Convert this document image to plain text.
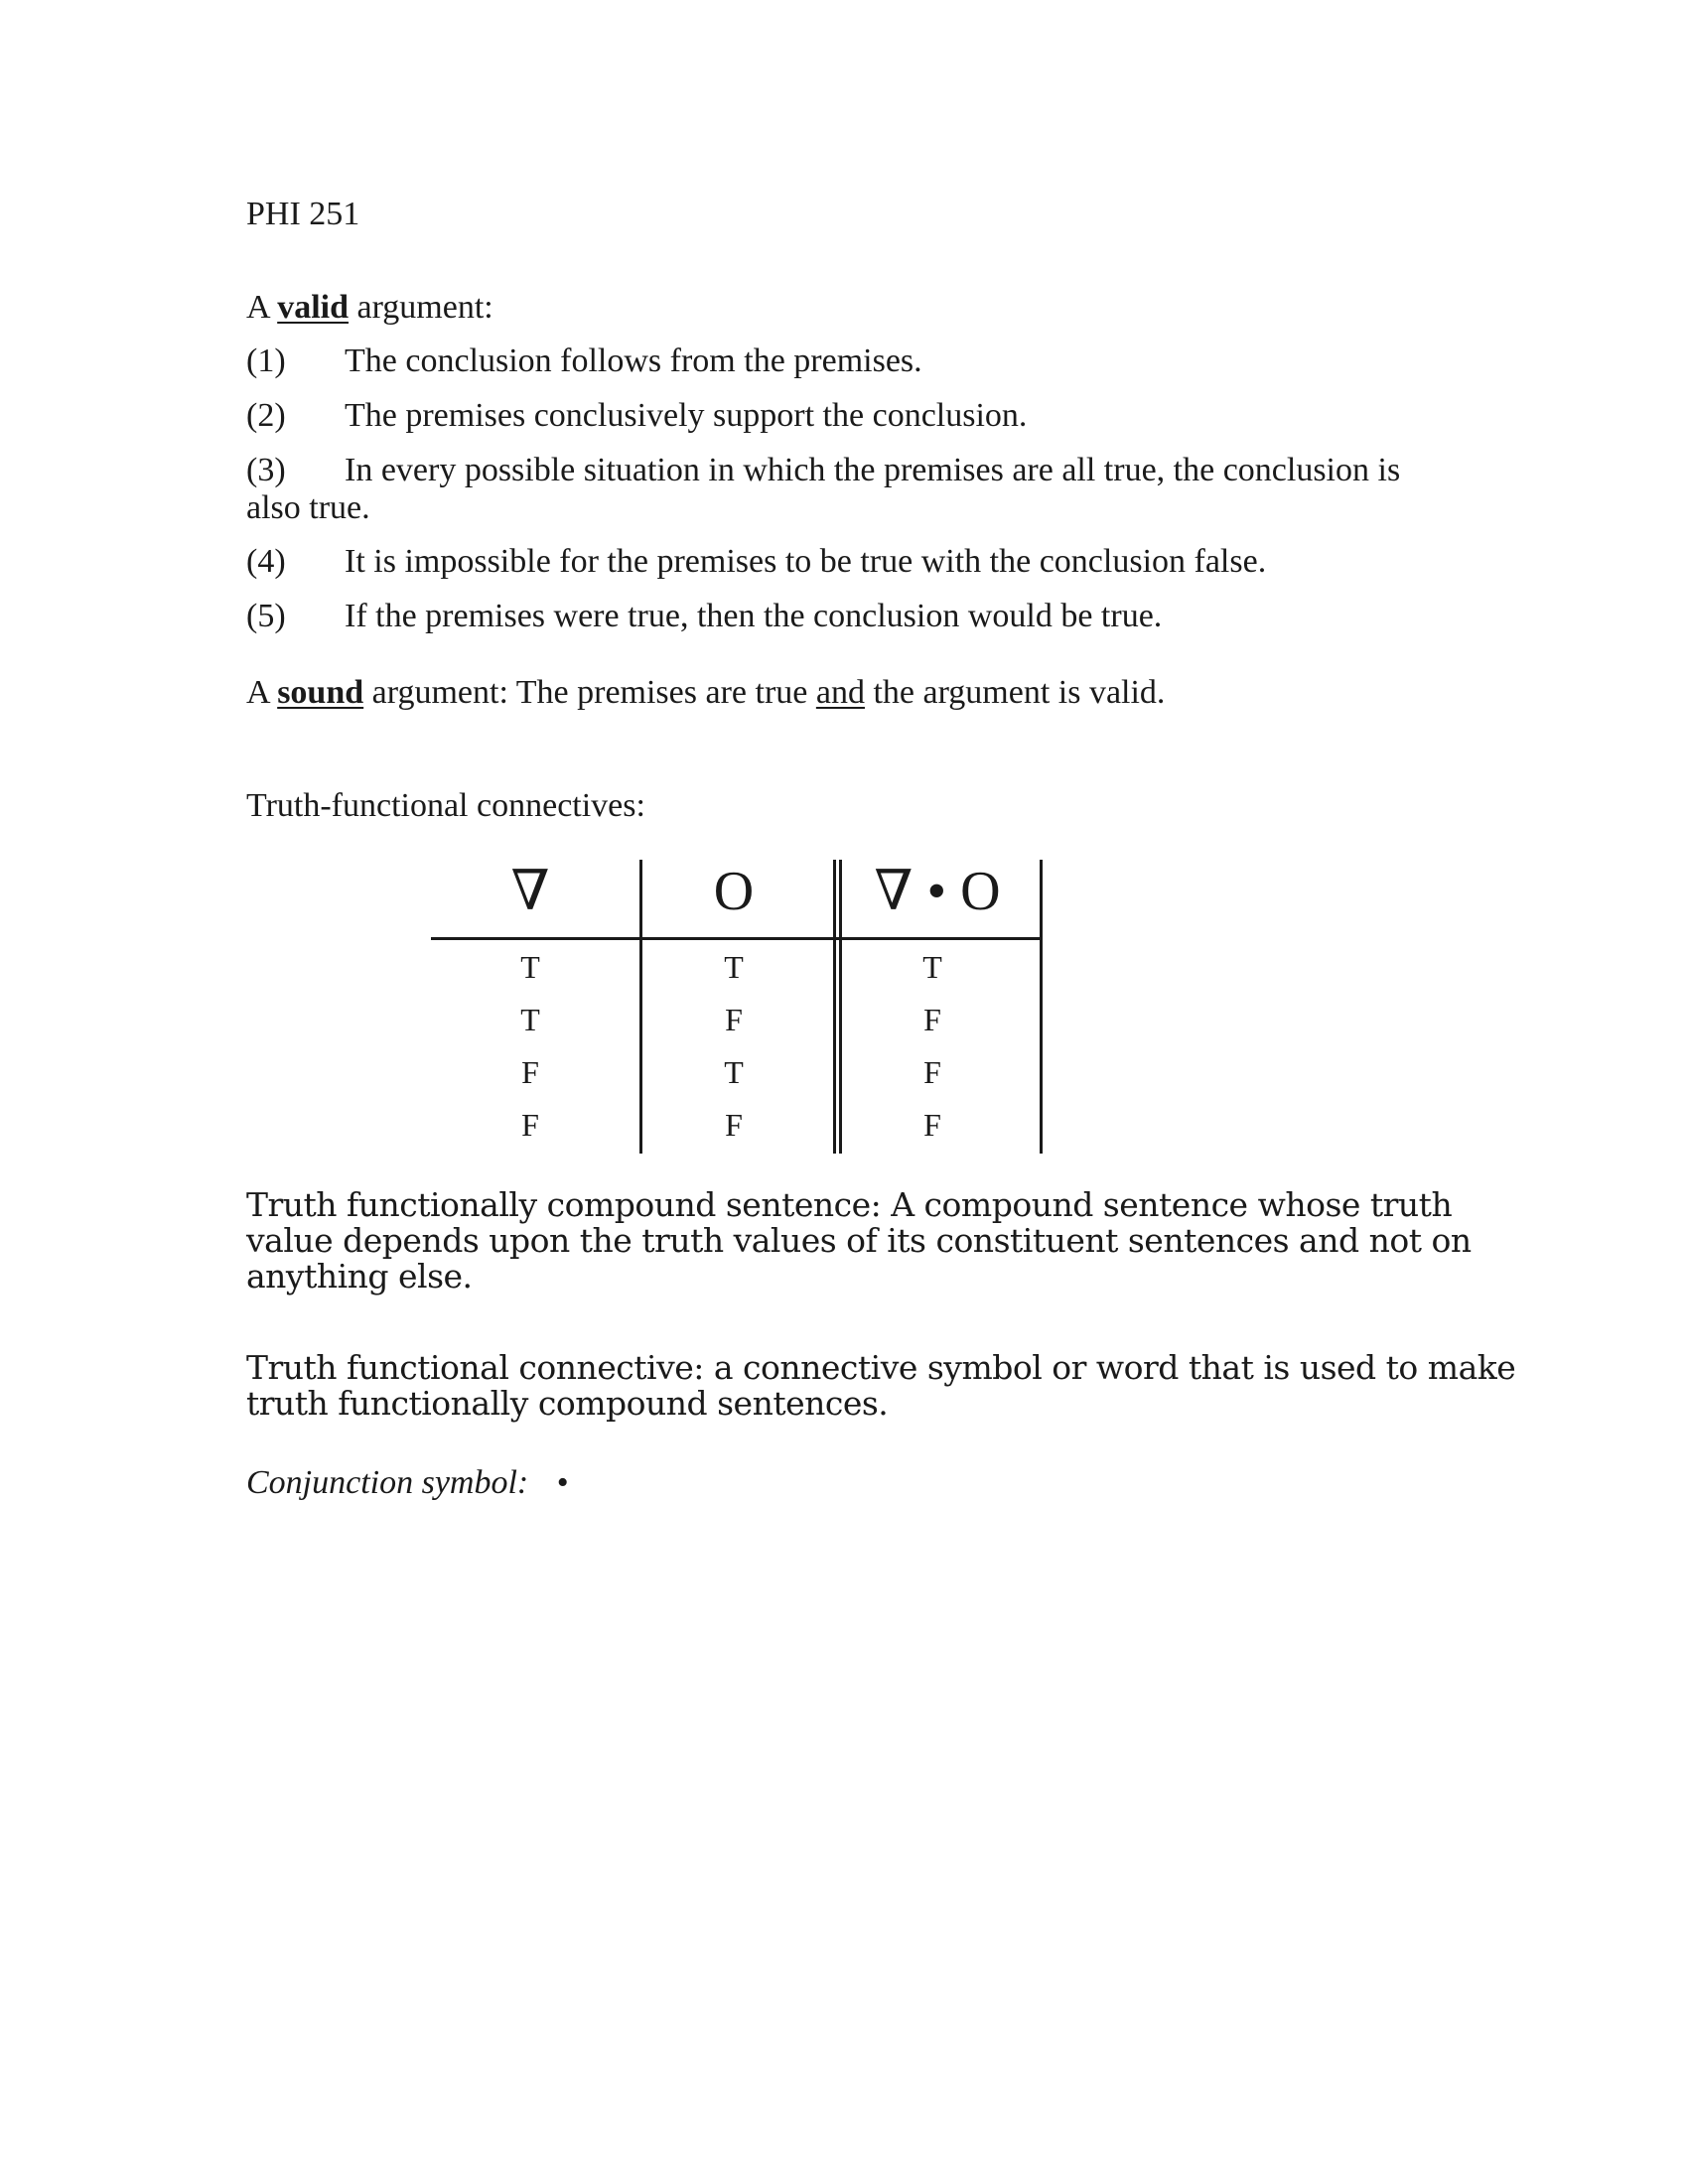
PHI 251
A valid argument:
(1) The conclusion follows from the premises.
(2) The premises conclusively support the conclusion.
(3) In every possible situation in which the premises are all true, the conclusion is
also true.
(4) It is impossible for the premises to be true with the conclusion false.
(5) If the premises were true, then the conclusion would be true.
A sound argument: The premises are true and the argument is valid.
Truth-functional connectives:
∇	O	∇ • O
T	T	T
T	F	F
F	T	F
F	F	F
Truth functionally compound sentence: A compound sentence whose truth
value depends upon the truth values of its constituent sentences and not on
anything else.
Truth functional connective: a connective symbol or word that is used to make
truth functionally compound sentences.
Conjunction symbol: •
